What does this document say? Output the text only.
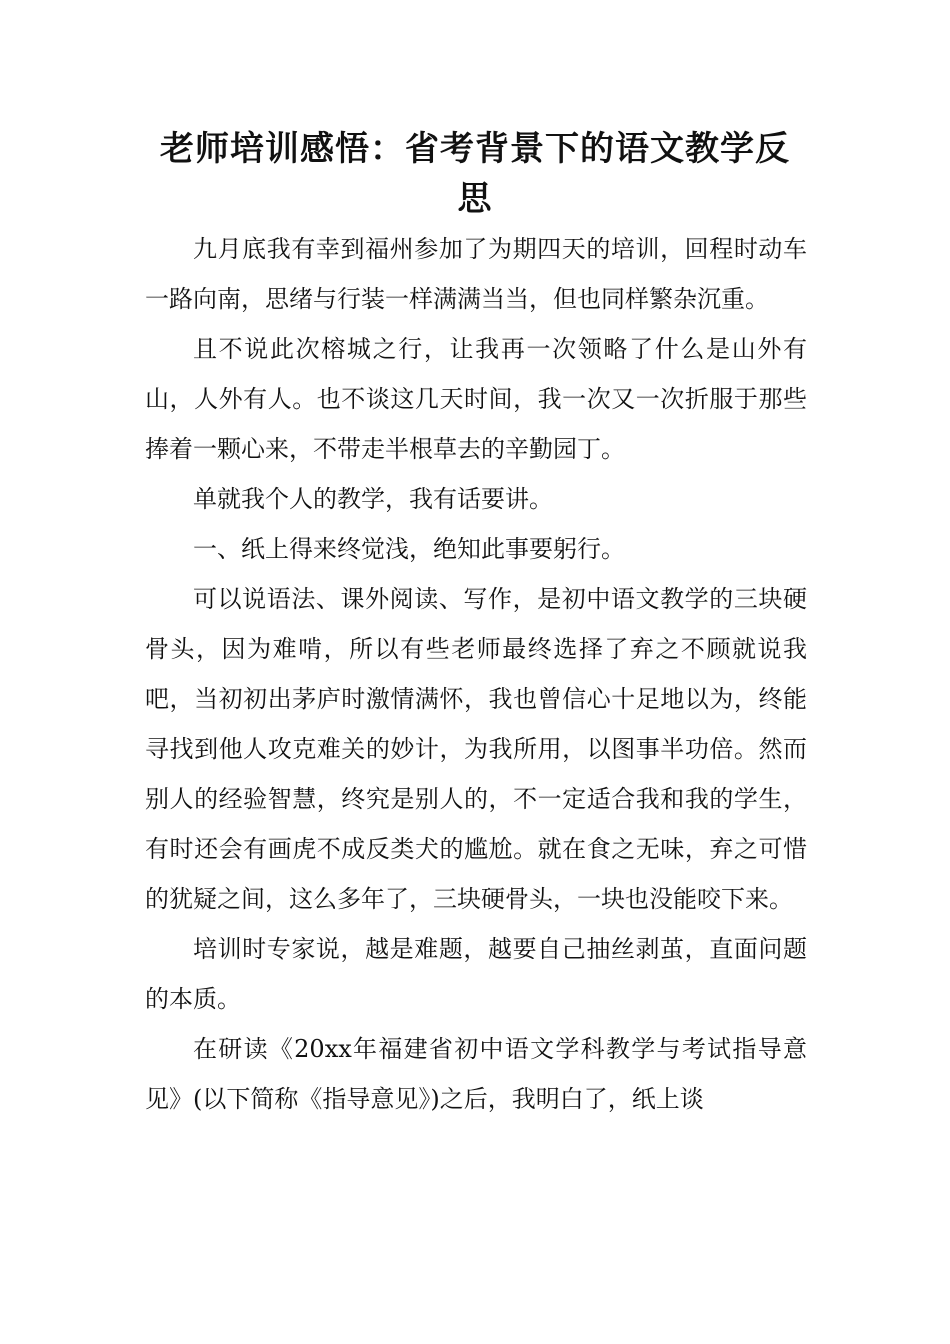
老师培训感悟：省考背景下的语文教学反思

九月底我有幸到福州参加了为期四天的培训，回程时动车一路向南，思绪与行装一样满满当当，但也同样繁杂沉重。

且不说此次榕城之行，让我再一次领略了什么是山外有山，人外有人。也不谈这几天时间，我一次又一次折服于那些捧着一颗心来，不带走半根草去的辛勤园丁。

单就我个人的教学，我有话要讲。

一、纸上得来终觉浅，绝知此事要躬行。

可以说语法、课外阅读、写作，是初中语文教学的三块硬骨头，因为难啃，所以有些老师最终选择了弃之不顾就说我吧，当初初出茅庐时激情满怀，我也曾信心十足地以为，终能寻找到他人攻克难关的妙计，为我所用，以图事半功倍。然而别人的经验智慧，终究是别人的，不一定适合我和我的学生，有时还会有画虎不成反类犬的尴尬。就在食之无味，弃之可惜的犹疑之间，这么多年了，三块硬骨头，一块也没能咬下来。

培训时专家说，越是难题，越要自己抽丝剥茧，直面问题的本质。

在研读《20xx年福建省初中语文学科教学与考试指导意见》(以下简称《指导意见》)之后，我明白了，纸上谈
